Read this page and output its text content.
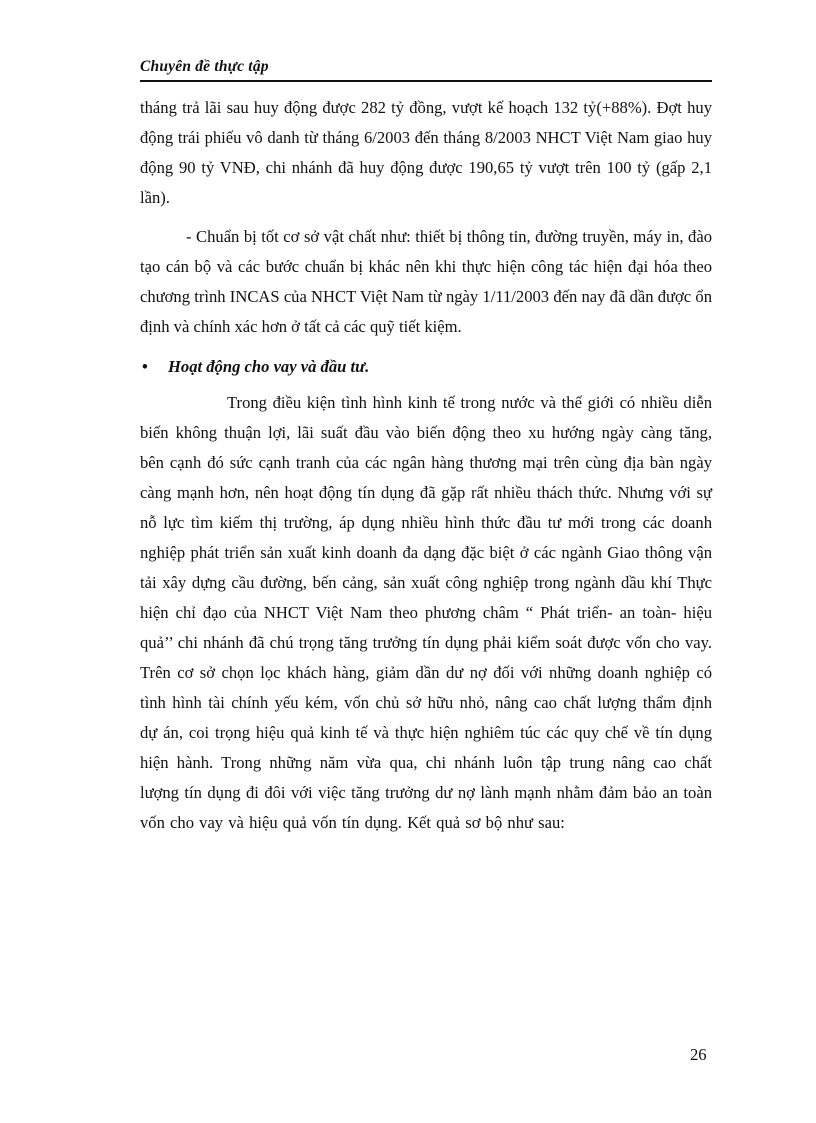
Chuyên đề thực tập

tháng trả lãi sau huy động được 282 tỷ đồng, vượt kế hoạch 132 tỷ(+88%). Đợt huy động trái phiếu vô danh từ tháng 6/2003 đến tháng 8/2003 NHCT Việt Nam giao huy động 90 tỷ VNĐ, chi nhánh đã huy động được 190,65 tỷ vượt trên 100 tỷ (gấp 2,1 lần).

- Chuẩn bị tốt cơ sở vật chất như: thiết bị thông tin, đường truyền, máy in, đào tạo cán bộ và các bước chuẩn bị khác nên khi thực hiện công tác hiện đại hóa theo chương trình INCAS của NHCT Việt Nam từ ngày 1/11/2003 đến nay đã dần được ổn định và chính xác hơn ở tất cả các quỹ tiết kiệm.

• Hoạt động cho vay và đầu tư.

Trong điều kiện tình hình kinh tế trong nước và thế giới có nhiều diễn biến không thuận lợi, lãi suất đầu vào biến động theo xu hướng ngày càng tăng, bên cạnh đó sức cạnh tranh của các ngân hàng thương mại trên cùng địa bàn ngày càng mạnh hơn, nên hoạt động tín dụng đã gặp rất nhiều thách thức. Nhưng với sự nỗ lực tìm kiếm thị trường, áp dụng nhiều hình thức đầu tư mới trong các doanh nghiệp phát triển sản xuất kinh doanh đa dạng đặc biệt ở các ngành Giao thông vận tải xây dựng cầu đường, bến cảng, sản xuất công nghiệp trong ngành dầu khí Thực hiện chỉ đạo của NHCT Việt Nam theo phương châm “ Phát triển- an toàn- hiệu quả’’ chi nhánh đã chú trọng tăng trưởng tín dụng phải kiểm soát được vốn cho vay. Trên cơ sở chọn lọc khách hàng, giảm dần dư nợ đối với những doanh nghiệp có tình hình tài chính yếu kém, vốn chủ sở hữu nhỏ, nâng cao chất lượng thẩm định dự án, coi trọng hiệu quả kinh tế và thực hiện nghiêm túc các quy chế về tín dụng hiện hành. Trong những năm vừa qua, chi nhánh luôn tập trung nâng cao chất lượng tín dụng đi đôi với việc tăng trưởng dư nợ lành mạnh nhằm đảm bảo an toàn vốn cho vay và hiệu quả vốn tín dụng. Kết quả sơ bộ như sau:

26
